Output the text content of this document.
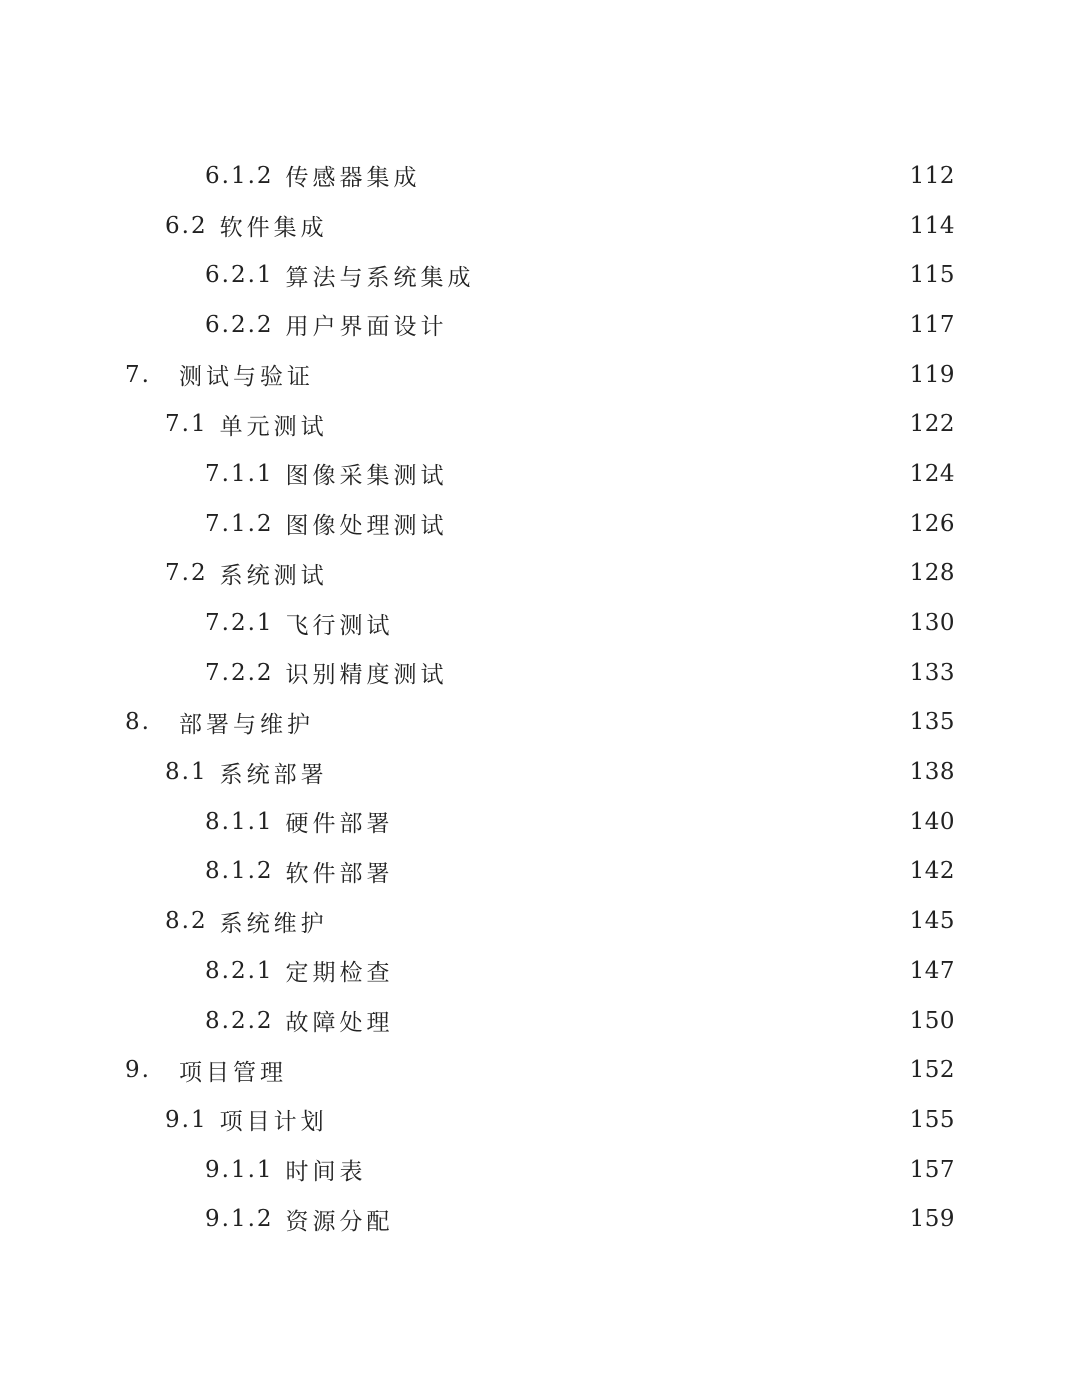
6.1.2 传感器集成	112
6.2 软件集成	114
6.2.1 算法与系统集成	115
6.2.2 用户界面设计	117
7.	测试与验证	119
7.1 单元测试	122
7.1.1 图像采集测试	124
7.1.2 图像处理测试	126
7.2 系统测试	128
7.2.1 飞行测试	130
7.2.2 识别精度测试	133
8.	部署与维护	135
8.1 系统部署	138
8.1.1 硬件部署	140
8.1.2 软件部署	142
8.2 系统维护	145
8.2.1 定期检查	147
8.2.2 故障处理	150
9.	项目管理	152
9.1 项目计划	155
9.1.1 时间表	157
9.1.2 资源分配	159
